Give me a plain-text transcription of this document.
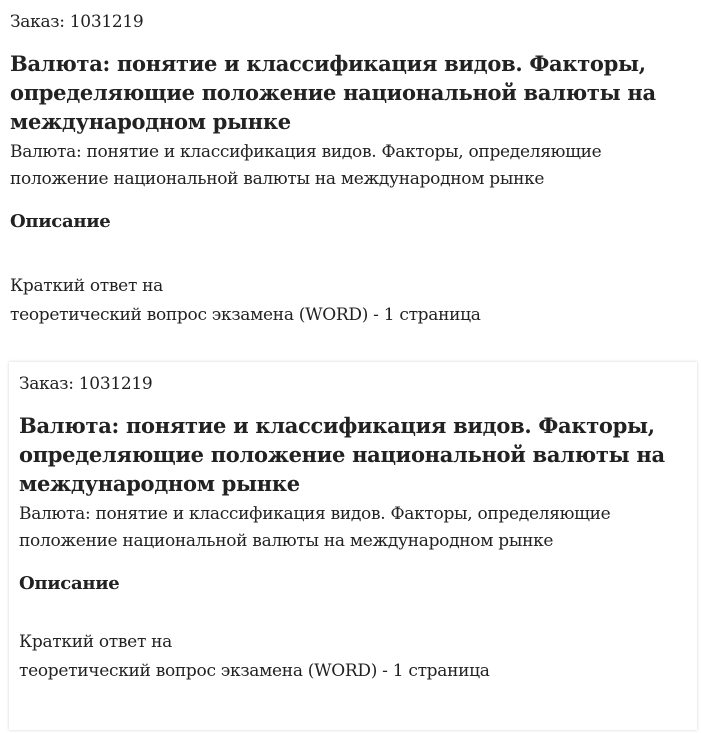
Заказ: 1031219

Валюта: понятие и классификация видов. Факторы, определяющие положение национальной валюты на международном рынке

Валюта: понятие и классификация видов. Факторы, определяющие положение национальной валюты на международном рынке

Описание
Краткий ответ на
теоретический вопрос экзамена (WORD) - 1 страница

Заказ: 1031219

Валюта: понятие и классификация видов. Факторы, определяющие положение национальной валюты на международном рынке

Валюта: понятие и классификация видов. Факторы, определяющие положение национальной валюты на международном рынке

Описание
Краткий ответ на
теоретический вопрос экзамена (WORD) - 1 страница
